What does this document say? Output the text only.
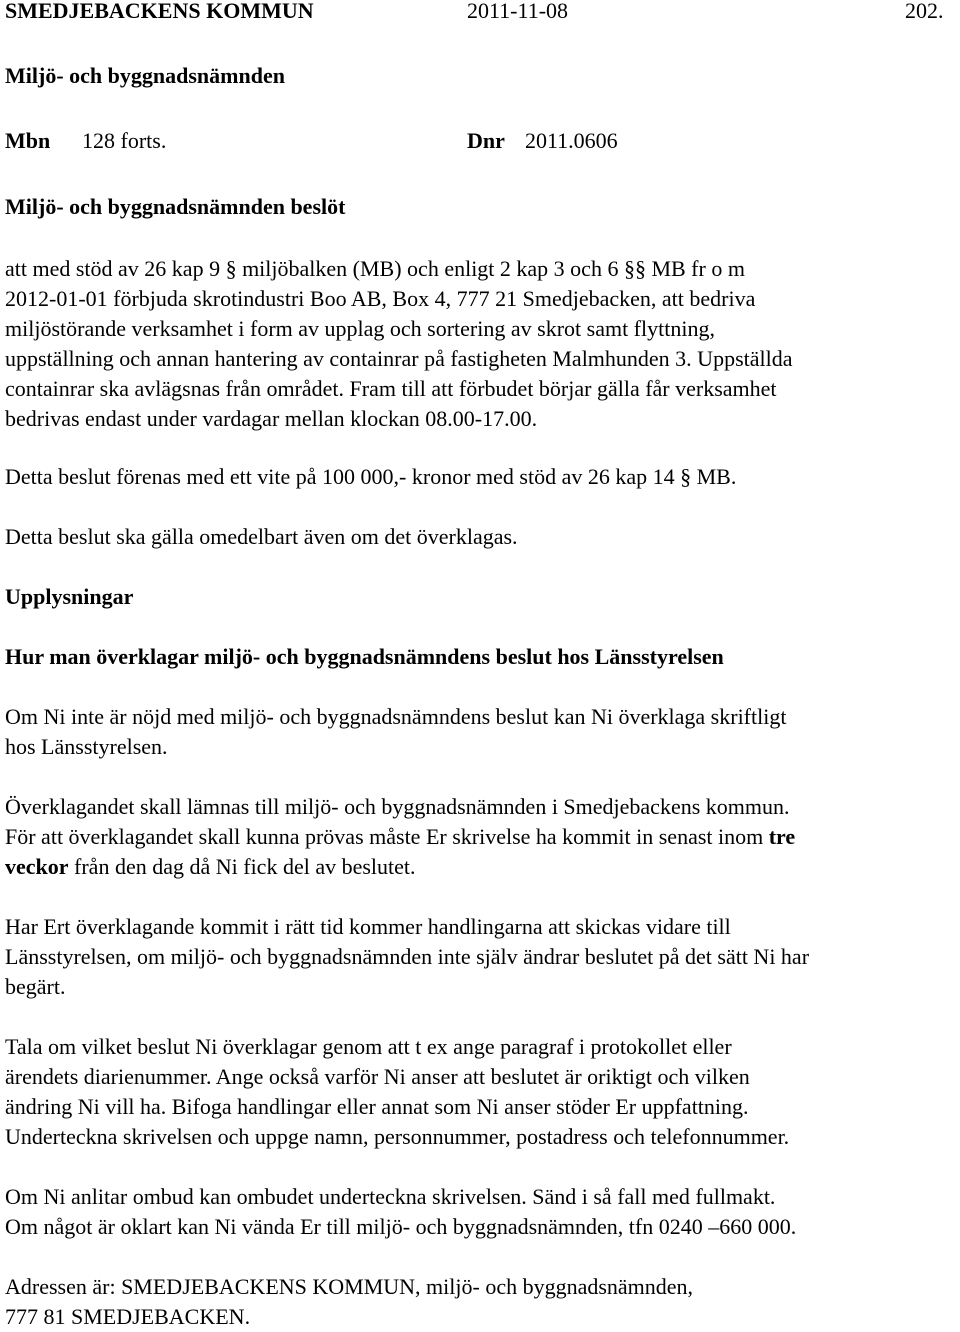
SMEDJEBACKENS KOMMUN	2011-11-08	202.
Miljö- och byggnadsnämnden
Mbn 128 forts.	Dnr 2011.0606
Miljö- och byggnadsnämnden beslöt
att med stöd av 26 kap 9 § miljöbalken (MB) och enligt 2 kap 3 och 6 §§ MB fr o m
2012-01-01 förbjuda skrotindustri Boo AB, Box 4, 777 21 Smedjebacken, att bedriva
miljöstörande verksamhet i form av upplag och sortering av skrot samt flyttning,
uppställning och annan hantering av containrar på fastigheten Malmhunden 3. Uppställda
containrar ska avlägsnas från området. Fram till att förbudet börjar gälla får verksamhet
bedrivas endast under vardagar mellan klockan 08.00-17.00.
Detta beslut förenas med ett vite på 100 000,- kronor med stöd av 26 kap 14 § MB.
Detta beslut ska gälla omedelbart även om det överklagas.
Upplysningar
Hur man överklagar miljö- och byggnadsnämndens beslut hos Länsstyrelsen
Om Ni inte är nöjd med miljö- och byggnadsnämndens beslut kan Ni överklaga skriftligt
hos Länsstyrelsen.
Överklagandet skall lämnas till miljö- och byggnadsnämnden i Smedjebackens kommun.
För att överklagandet skall kunna prövas måste Er skrivelse ha kommit in senast inom tre
veckor från den dag då Ni fick del av beslutet.
Har Ert överklagande kommit i rätt tid kommer handlingarna att skickas vidare till
Länsstyrelsen, om miljö- och byggnadsnämnden inte själv ändrar beslutet på det sätt Ni har
begärt.
Tala om vilket beslut Ni överklagar genom att t ex ange paragraf i protokollet eller
ärendets diarienummer. Ange också varför Ni anser att beslutet är oriktigt och vilken
ändring Ni vill ha. Bifoga handlingar eller annat som Ni anser stöder Er uppfattning.
Underteckna skrivelsen och uppge namn, personnummer, postadress och telefonnummer.
Om Ni anlitar ombud kan ombudet underteckna skrivelsen. Sänd i så fall med fullmakt.
Om något är oklart kan Ni vända Er till miljö- och byggnadsnämnden, tfn 0240 –660 000.
Adressen är: SMEDJEBACKENS KOMMUN, miljö- och byggnadsnämnden,
777 81 SMEDJEBACKEN.
